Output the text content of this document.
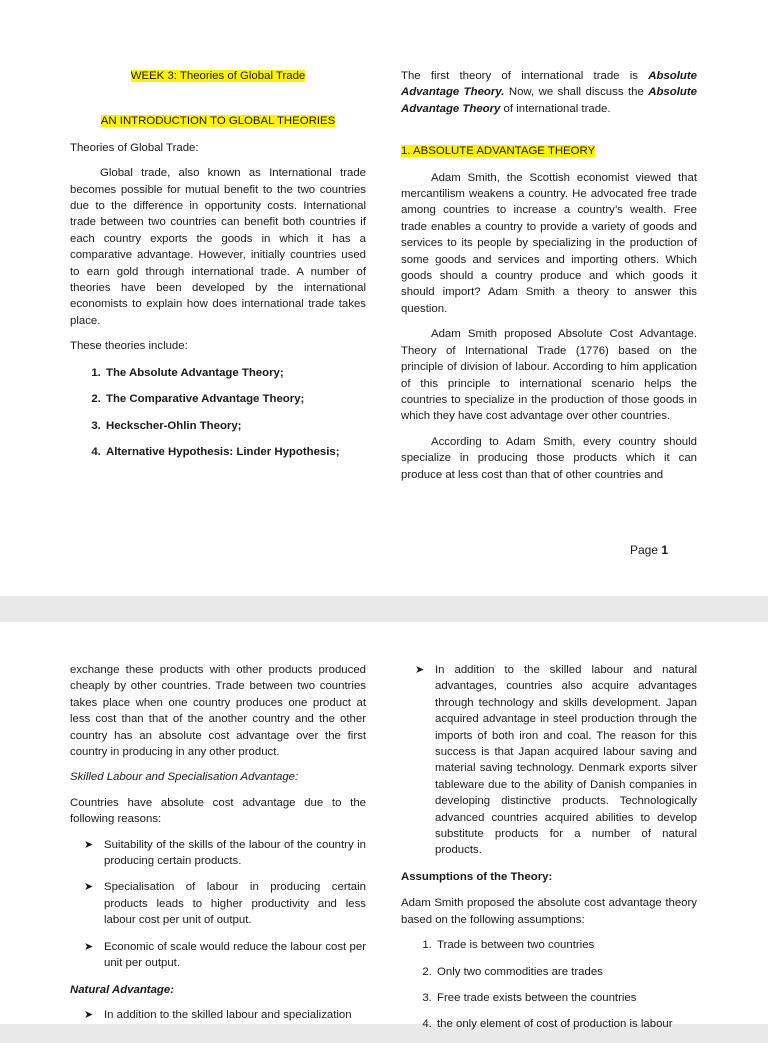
WEEK 3: Theories of Global Trade

AN INTRODUCTION TO GLOBAL THEORIES

Theories of Global Trade:

Global trade, also known as International trade becomes possible for mutual benefit to the two countries due to the difference in opportunity costs. International trade between two countries can benefit both countries if each country exports the goods in which it has a comparative advantage. However, initially countries used to earn gold through international trade. A number of theories have been developed by the international economists to explain how does international trade takes place.

These theories include:

1. The Absolute Advantage Theory;
2. The Comparative Advantage Theory;
3. Heckscher-Ohlin Theory;
4. Alternative Hypothesis: Linder Hypothesis;

The first theory of international trade is Absolute Advantage Theory. Now, we shall discuss the Absolute Advantage Theory of international trade.

1. ABSOLUTE ADVANTAGE THEORY

Adam Smith, the Scottish economist viewed that mercantilism weakens a country. He advocated free trade among countries to increase a country’s wealth. Free trade enables a country to provide a variety of goods and services to its people by specializing in the production of some goods and services and importing others. Which goods should a country produce and which goods it should import? Adam Smith a theory to answer this question.

Adam Smith proposed Absolute Cost Advantage. Theory of International Trade (1776) based on the principle of division of labour. According to him application of this principle to international scenario helps the countries to specialize in the production of those goods in which they have cost advantage over other countries.

According to Adam Smith, every country should specialize in producing those products which it can produce at less cost than that of other countries and

Page 1

exchange these products with other products produced cheaply by other countries. Trade between two countries takes place when one country produces one product at less cost than that of the another country and the other country has an absolute cost advantage over the first country in producing in any other product.

Skilled Labour and Specialisation Advantage:

Countries have absolute cost advantage due to the following reasons:

➤ Suitability of the skills of the labour of the country in producing certain products.
➤ Specialisation of labour in producing certain products leads to higher productivity and less labour cost per unit of output.
➤ Economic of scale would reduce the labour cost per unit per output.

Natural Advantage:

➤ In addition to the skilled labour and specialization
➤ In addition to the skilled labour and natural advantages, countries also acquire advantages through technology and skills development. Japan acquired advantage in steel production through the imports of both iron and coal. The reason for this success is that Japan acquired labour saving and material saving technology. Denmark exports silver tableware due to the ability of Danish companies in developing distinctive products. Technologically advanced countries acquired abilities to develop substitute products for a number of natural products.

Assumptions of the Theory:

Adam Smith proposed the absolute cost advantage theory based on the following assumptions:

1. Trade is between two countries
2. Only two commodities are trades
3. Free trade exists between the countries
4. the only element of cost of production is labour
